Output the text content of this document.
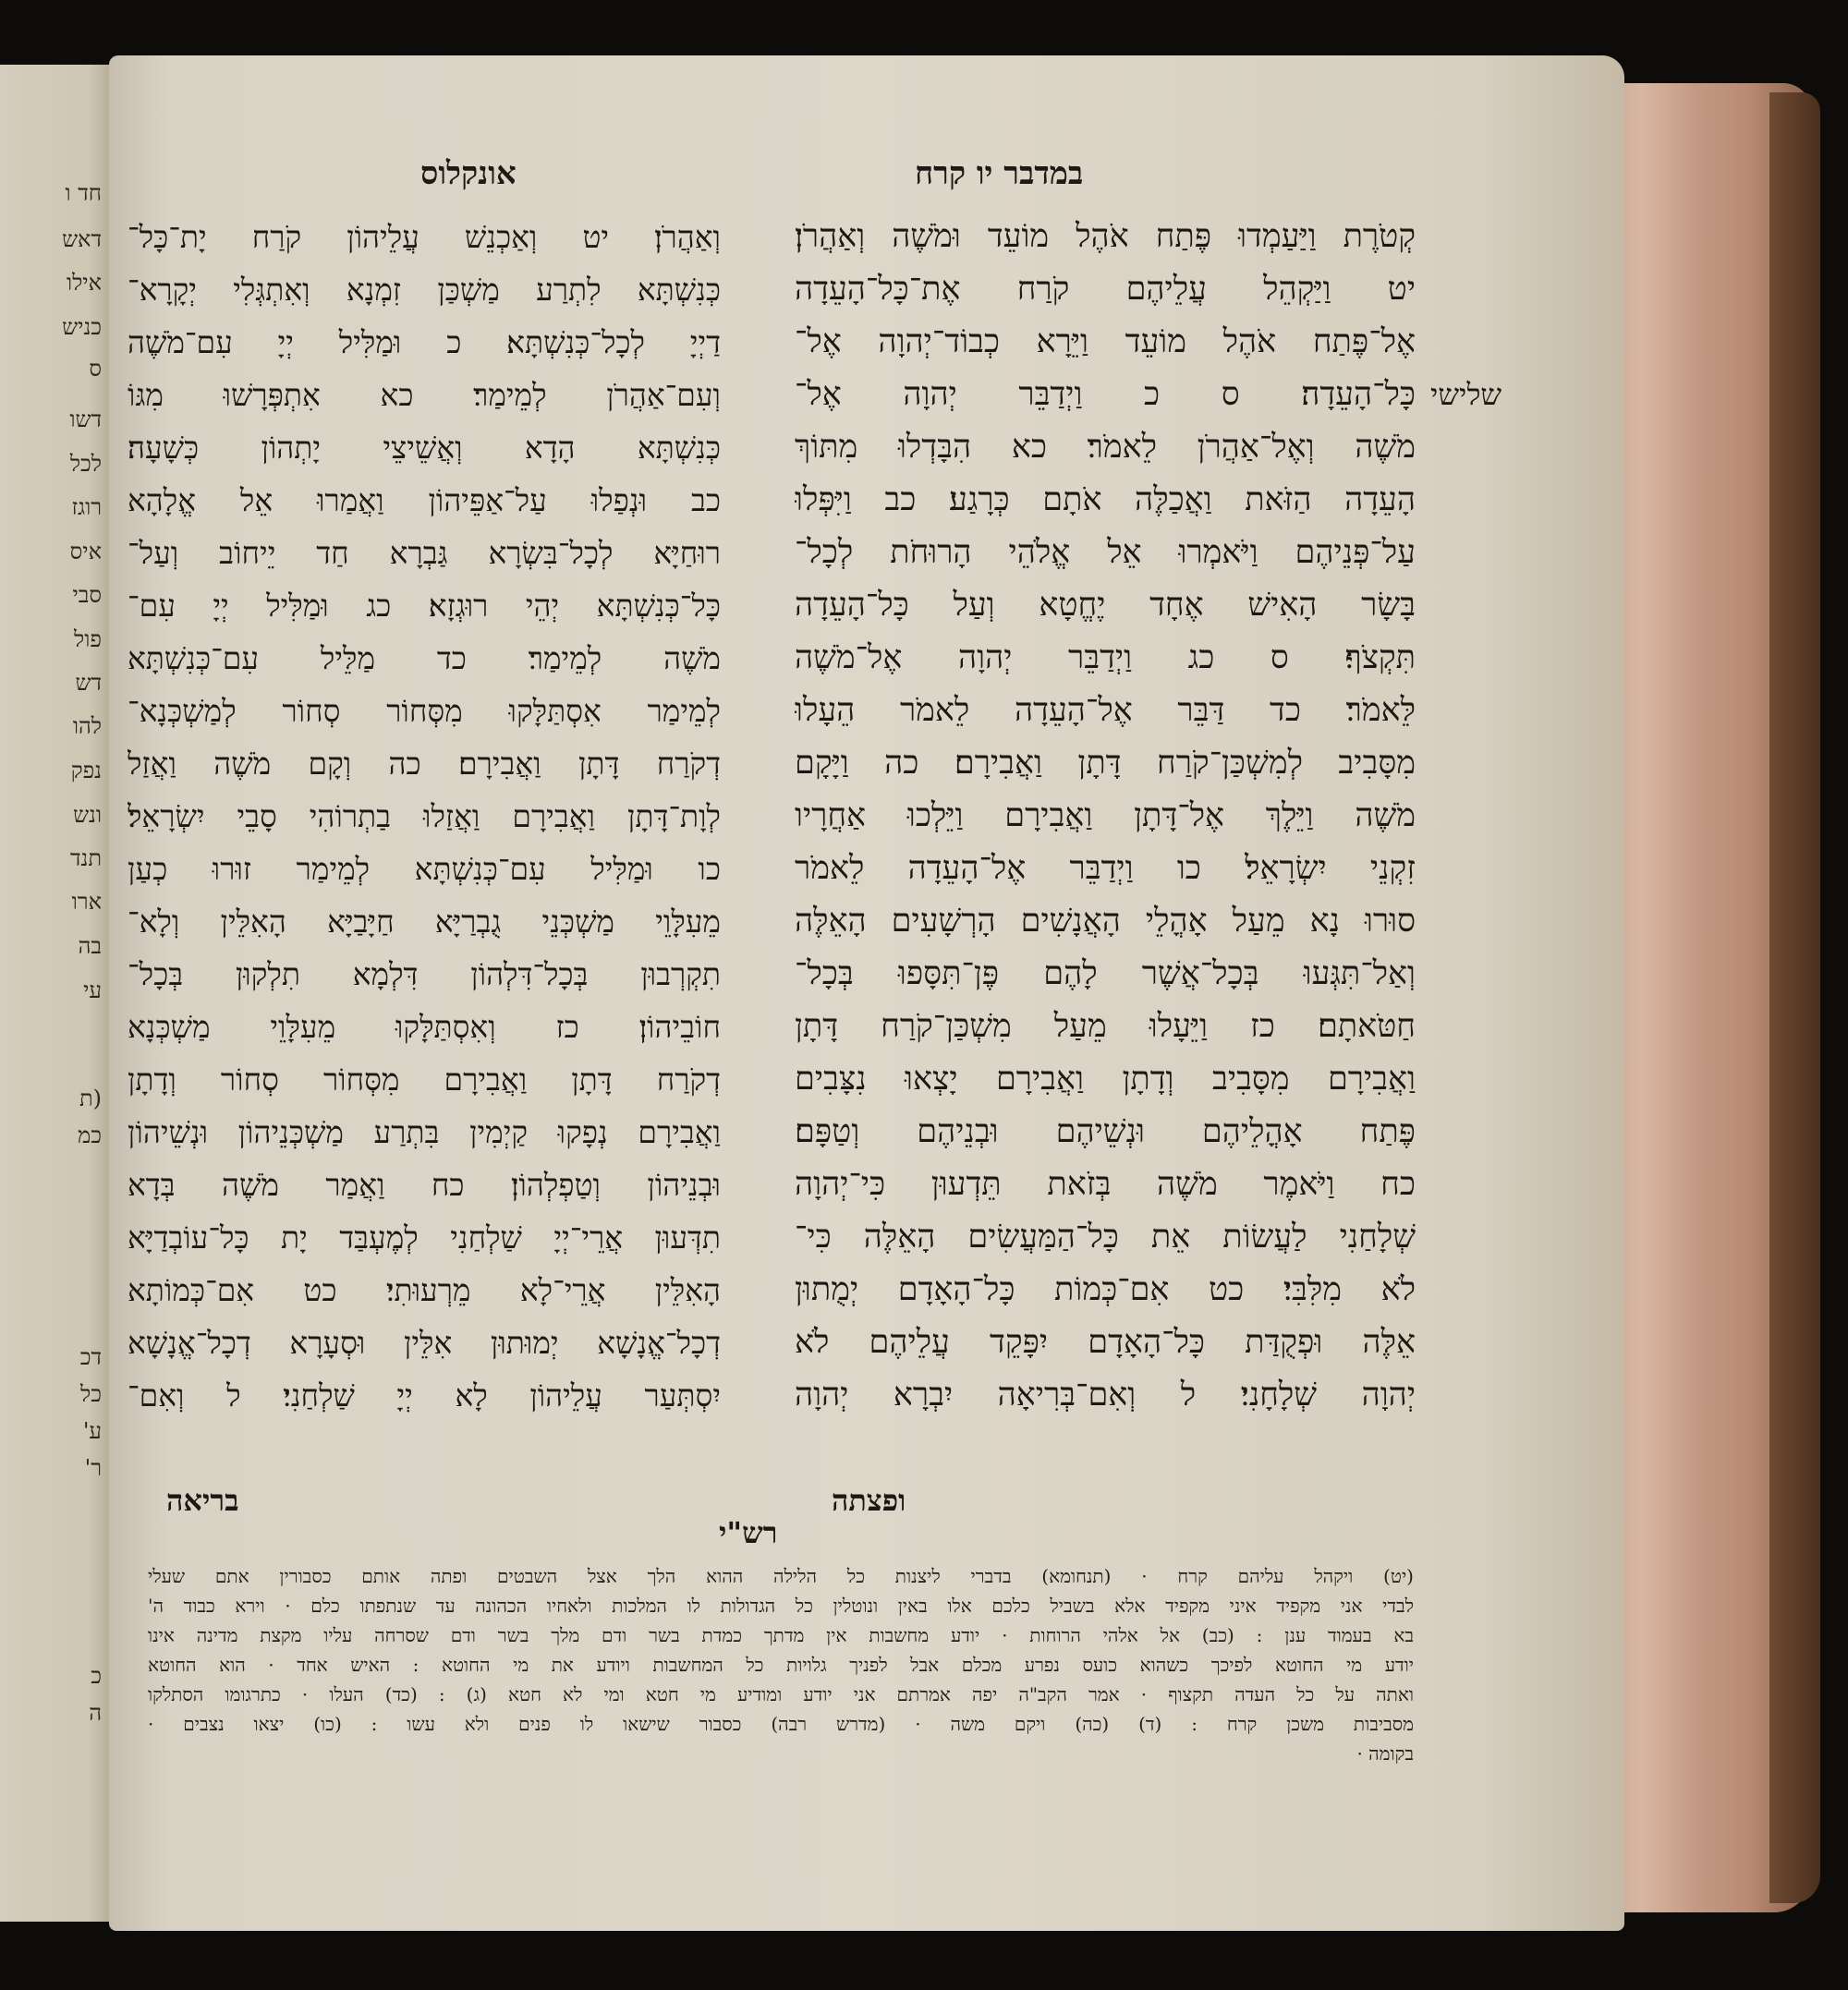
חד ו
דאש
אילו
כניש
ס
דשו
לכל
רוגז
איס
סבי
פול
דש
להו
נפק
ונש
תנד
ארו
בה
עי
(ת
כמ
דכ
כל
ע'
ר'
כ
ה
במדבר יו קרח
אונקלוס
שלישי
קְטֹרֶת וַיַּעַמְדוּ פֶּתַח אֹהֶל מוֹעֵד וּמֹשֶׁה וְאַהֲרֹן׃
יט וַיַּקְהֵל עֲלֵיהֶם קֹרַח אֶת־כָּל־הָעֵדָה
אֶל־פֶּתַח אֹהֶל מוֹעֵד וַיֵּרָא כְבוֹד־יְהוָה אֶל־
כָּל־הָעֵדָה׃ ס כ וַיְדַבֵּר יְהוָה אֶל־
מֹשֶׁה וְאֶל־אַהֲרֹן לֵאמֹר׃ כא הִבָּדְלוּ מִתּוֹךְ
הָעֵדָה הַזֹּאת וַאֲכַלֶּה אֹתָם כְּרָגַע׃ כב וַיִּפְּלוּ
עַל־פְּנֵיהֶם וַיֹּאמְרוּ אֵל אֱלֹהֵי הָרוּחֹת לְכָל־
בָּשָׂר הָאִישׁ אֶחָד יֶחֱטָא וְעַל כָּל־הָעֵדָה
תִּקְצֹף׃ ס כג וַיְדַבֵּר יְהוָה אֶל־מֹשֶׁה
לֵּאמֹר׃ כד דַּבֵּר אֶל־הָעֵדָה לֵאמֹר הֵעָלוּ
מִסָּבִיב לְמִשְׁכַּן־קֹרַח דָּתָן וַאֲבִירָם׃ כה וַיָּקָם
מֹשֶׁה וַיֵּלֶךְ אֶל־דָּתָן וַאֲבִירָם וַיֵּלְכוּ אַחֲרָיו
זִקְנֵי יִשְׂרָאֵל׃ כו וַיְדַבֵּר אֶל־הָעֵדָה לֵאמֹר
סוּרוּ נָא מֵעַל אָהֳלֵי הָאֲנָשִׁים הָרְשָׁעִים הָאֵלֶּה
וְאַל־תִּגְּעוּ בְּכָל־אֲשֶׁר לָהֶם פֶּן־תִּסָּפוּ בְּכָל־
חַטֹּאתָם׃ כז וַיֵּעָלוּ מֵעַל מִשְׁכַּן־קֹרַח דָּתָן
וַאֲבִירָם מִסָּבִיב וְדָתָן וַאֲבִירָם יָצְאוּ נִצָּבִים
פֶּתַח אָהֳלֵיהֶם וּנְשֵׁיהֶם וּבְנֵיהֶם וְטַפָּם׃
כח וַיֹּאמֶר מֹשֶׁה בְּזֹאת תֵּדְעוּן כִּי־יְהוָה
שְׁלָחַנִי לַעֲשׂוֹת אֵת כָּל־הַמַּעֲשִׂים הָאֵלֶּה כִּי־
לֹא מִלִּבִּי׃ כט אִם־כְּמוֹת כָּל־הָאָדָם יְמֻתוּן
אֵלֶּה וּפְקֻדַּת כָּל־הָאָדָם יִפָּקֵד עֲלֵיהֶם לֹא
יְהוָה שְׁלָחָנִי׃ ל וְאִם־בְּרִיאָה יִבְרָא יְהוָה
וְאַהֲרֹן׃ יט וְאַכְנֵשׁ עֲלֵיהוֹן קֹרַח יָת־כָּל־
כְּנִשְׁתָּא לִתְרַע מַשְׁכַּן זִמְנָא וְאִתְגְּלִי יְקָרָא־
דַיְיָ לְכָל־כְּנִשְׁתָּא׃ כ וּמַלִּיל יְיָ עִם־מֹשֶׁה
וְעִם־אַהֲרֹן לְמֵימַר׃ כא אִתְפְּרָשׁוּ מִגּוֹ
כְּנִשְׁתָּא הָדָא וְאֲשֵׁיצֵי יָתְהוֹן כְּשָׁעָה׃
כב וּנְפַלוּ עַל־אַפֵּיהוֹן וַאֲמַרוּ אֵל אֱלָהָא
רוּחַיָּא לְכָל־בִּשְׂרָא גַּבְרָא חַד יֵיחוֹב וְעַל־
כָּל־כְּנִשְׁתָּא יְהֵי רוּגְזָא׃ כג וּמַלִּיל יְיָ עִם־
מֹשֶׁה לְמֵימַר׃ כד מַלֵּיל עִם־כְּנִשְׁתָּא
לְמֵימַר אִסְתַּלָּקוּ מִסְּחוֹר סְחוֹר לְמַשְׁכְּנָא־
דְקֹרַח דָּתָן וַאֲבִירָם׃ כה וְקָם מֹשֶׁה וַאֲזַל
לְוָת־דָּתָן וַאֲבִירָם וַאֲזַלוּ בַתְרוֹהִי סָבֵי יִשְׂרָאֵל׃
כו וּמַלִּיל עִם־כְּנִשְׁתָּא לְמֵימַר זוּרוּ כְעַן
מֵעִלָּוֵי מַשְׁכְּנֵי גֻבְרַיָּא חַיָּבַיָּא הָאִלֵּין וְלָא־
תִקְרְבוּן בְּכָל־דִּלְהוֹן דִּלְמָא תִלְקוּן בְּכָל־
חוֹבֵיהוֹן׃ כז וְאִסְתַּלָּקוּ מֵעִלָּוֵי מַשְׁכְּנָא
דְקֹרַח דָּתָן וַאֲבִירָם מִסְּחוֹר סְחוֹר וְדָתָן
וַאֲבִירָם נְפָקוּ קַיְמִין בִּתְרַע מַשְׁכְּנֵיהוֹן וּנְשֵׁיהוֹן
וּבְנֵיהוֹן וְטַפְלְהוֹן׃ כח וַאֲמַר מֹשֶׁה בְּדָא
תִדְּעוּן אֲרֵי־יְיָ שַׁלְחַנִי לְמֶעְבַּד יָת כָּל־עוֹבְדַיָּא
הָאִלֵּין אֲרֵי־לָא מֵרְעוּתִי׃ כט אִם־כְּמוֹתָא
דְכָל־אֱנָשָׁא יְמוּתוּן אִלֵּין וּסְעָרָא דְכָל־אֱנָשָׁא
יִסְתְּעַר עֲלֵיהוֹן לָא יְיָ שַׁלְחַנִי׃ ל וְאִם־
ופצתה
בריאה
רש"י
(יט) ויקהל עליהם קרח · (תנחומא) בדברי ליצנות כל הלילה ההוא הלך אצל השבטים ופתה אותם כסבורין אתם שעלי
לבדי אני מקפיד איני מקפיד אלא בשביל כלכם אלו באין ונוטלין כל הגדולות לו המלכות ולאחיו הכהונה עד שנתפתו כלם · וירא כבוד ה'
בא בעמוד ענן : (כב) אל אלהי הרוחות · יודע מחשבות אין מדתך כמדת בשר ודם מלך בשר ודם שסרחה עליו מקצת מדינה אינו
יודע מי החוטא לפיכך כשהוא כועס נפרע מכלם אבל לפניך גלויות כל המחשבות ויודע את מי החוטא : האיש אחד · הוא החוטא
ואתה על כל העדה תקצוף · אמר הקב"ה יפה אמרתם אני יודע ומודיע מי חטא ומי לא חטא (ג) : (כד) העלו · כתרגומו הסתלקו
מסביבות משכן קרח : (ד) (כה) ויקם משה · (מדרש רבה) כסבור שישאו לו פנים ולא עשו : (כו) יצאו נצבים ·
בקומה ·
